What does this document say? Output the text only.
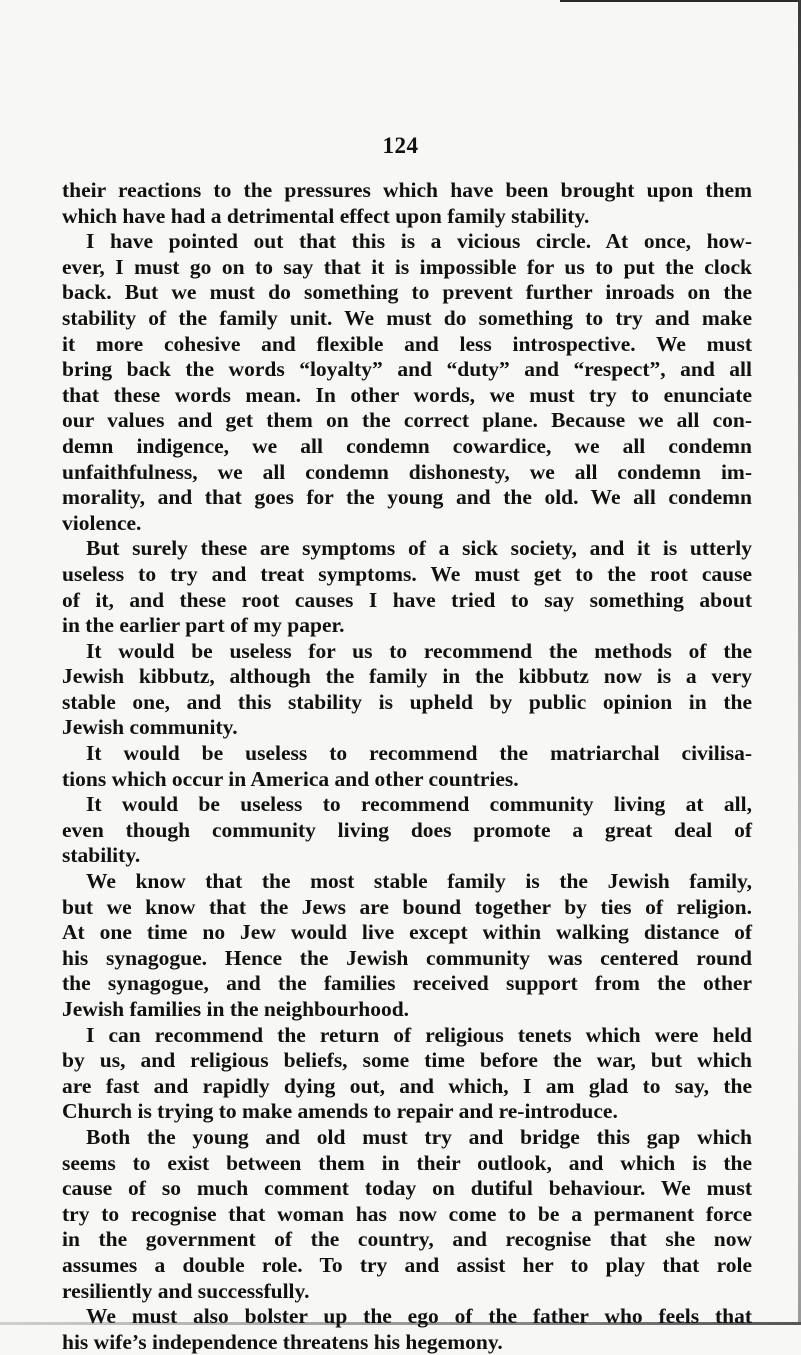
124
their reactions to the pressures which have been brought upon them
which have had a detrimental effect upon family stability.
I have pointed out that this is a vicious circle. At once, how-
ever, I must go on to say that it is impossible for us to put the clock
back. But we must do something to prevent further inroads on the
stability of the family unit. We must do something to try and make
it more cohesive and flexible and less introspective. We must
bring back the words “loyalty” and “duty” and “respect”, and all
that these words mean. In other words, we must try to enunciate
our values and get them on the correct plane. Because we all con-
demn indigence, we all condemn cowardice, we all condemn
unfaithfulness, we all condemn dishonesty, we all condemn im-
morality, and that goes for the young and the old. We all condemn
violence.
But surely these are symptoms of a sick society, and it is utterly
useless to try and treat symptoms. We must get to the root cause
of it, and these root causes I have tried to say something about
in the earlier part of my paper.
It would be useless for us to recommend the methods of the
Jewish kibbutz, although the family in the kibbutz now is a very
stable one, and this stability is upheld by public opinion in the
Jewish community.
It would be useless to recommend the matriarchal civilisa-
tions which occur in America and other countries.
It would be useless to recommend community living at all,
even though community living does promote a great deal of
stability.
We know that the most stable family is the Jewish family,
but we know that the Jews are bound together by ties of religion.
At one time no Jew would live except within walking distance of
his synagogue. Hence the Jewish community was centered round
the synagogue, and the families received support from the other
Jewish families in the neighbourhood.
I can recommend the return of religious tenets which were held
by us, and religious beliefs, some time before the war, but which
are fast and rapidly dying out, and which, I am glad to say, the
Church is trying to make amends to repair and re-introduce.
Both the young and old must try and bridge this gap which
seems to exist between them in their outlook, and which is the
cause of so much comment today on dutiful behaviour. We must
try to recognise that woman has now come to be a permanent force
in the government of the country, and recognise that she now
assumes a double role. To try and assist her to play that role
resiliently and successfully.
We must also bolster up the ego of the father who feels that
his wife’s independence threatens his hegemony.
